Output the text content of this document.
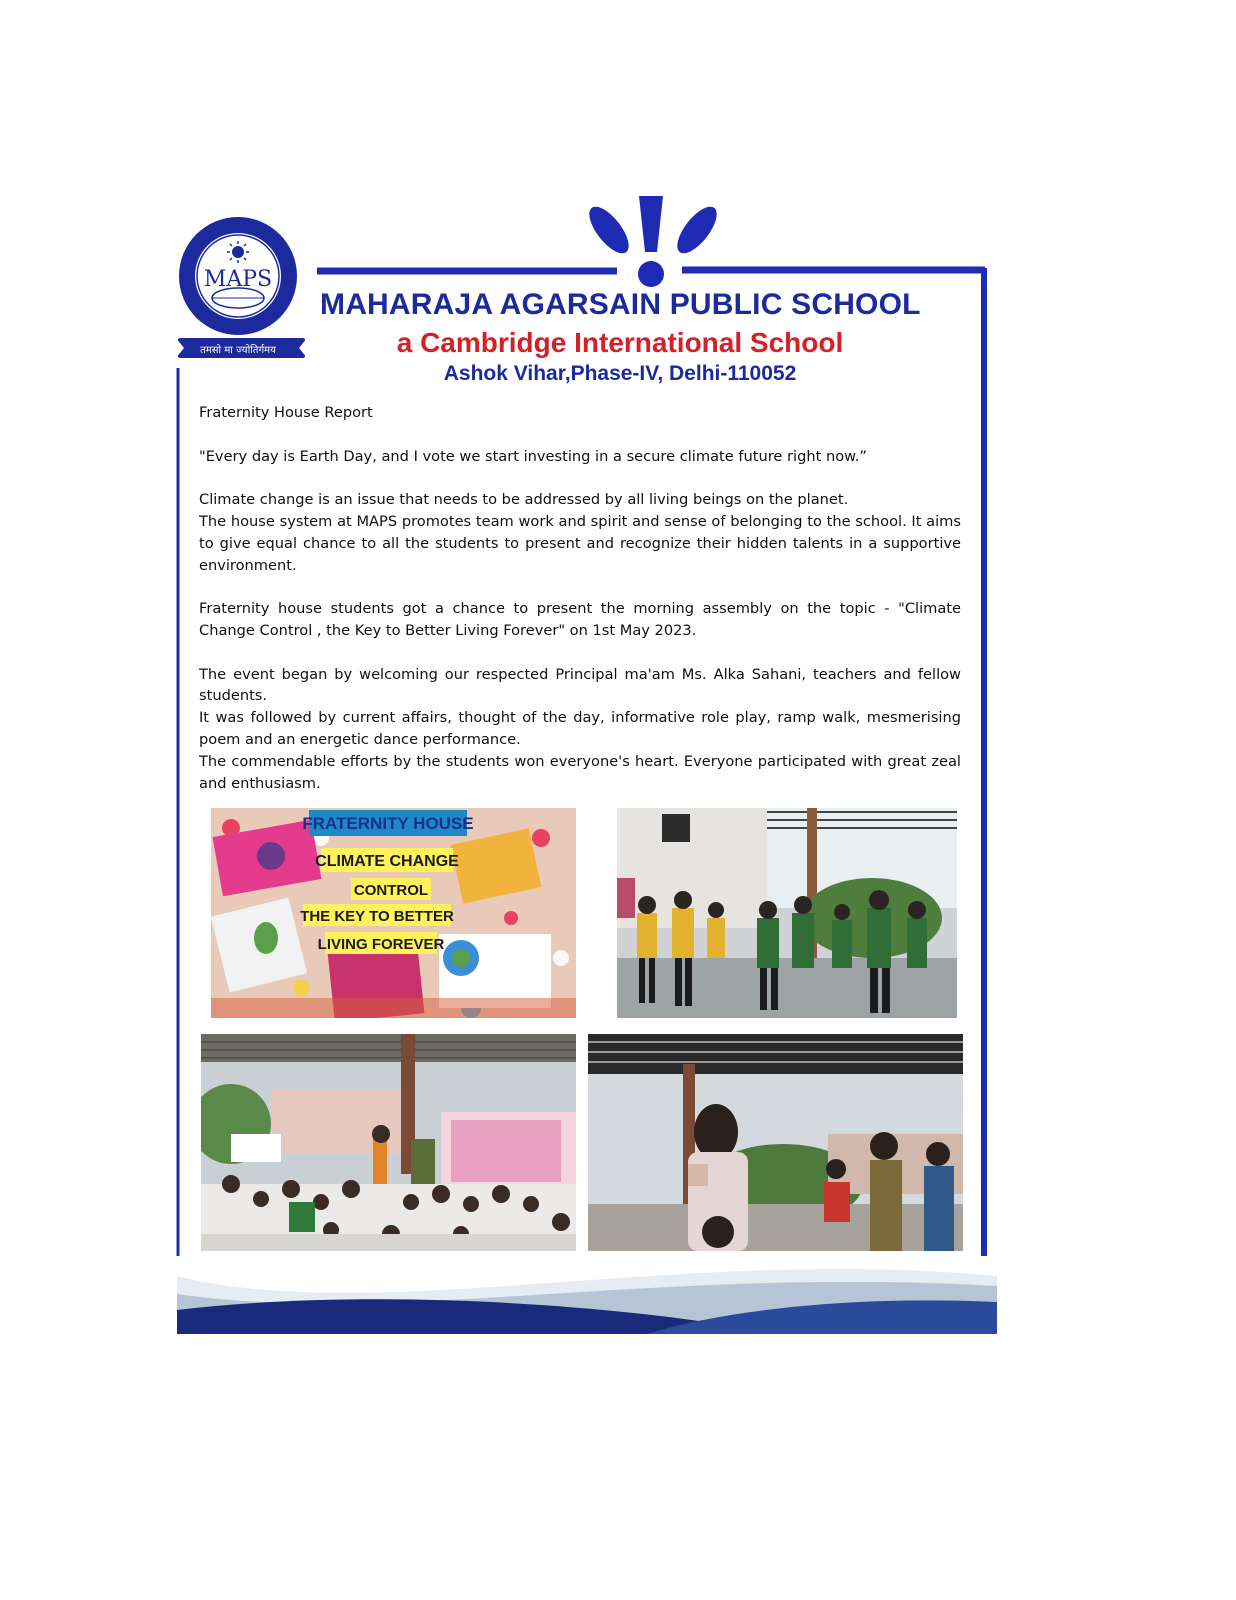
MAPS
तमसो मा ज्योतिर्गमय
MAHARAJA AGARSAIN PUBLIC SCHOOL
a Cambridge International School
Ashok Vihar,Phase-IV, Delhi-110052

Fraternity House Report

"Every day is Earth Day, and I vote we start investing in a secure climate future right now.”

Climate change is an issue that needs to be addressed by all living beings on the planet.

The house system at MAPS promotes team work and spirit and sense of belonging to the school. It aims to give equal chance to all the students to present and recognize their hidden talents in a supportive environment.

Fraternity house students got a chance to present the morning assembly on the topic - "Climate Change Control , the Key to Better Living Forever" on 1st May 2023.

The event began by welcoming our respected Principal ma'am Ms. Alka Sahani, teachers and fellow students.

It was followed by current affairs, thought of the day, informative role play, ramp walk, mesmerising poem and an energetic dance performance.

The commendable efforts by the students won everyone's heart. Everyone participated with great zeal and enthusiasm.

FRATERNITY HOUSE
CLIMATE CHANGE
CONTROL
THE KEY TO BETTER
LIVING FOREVER
